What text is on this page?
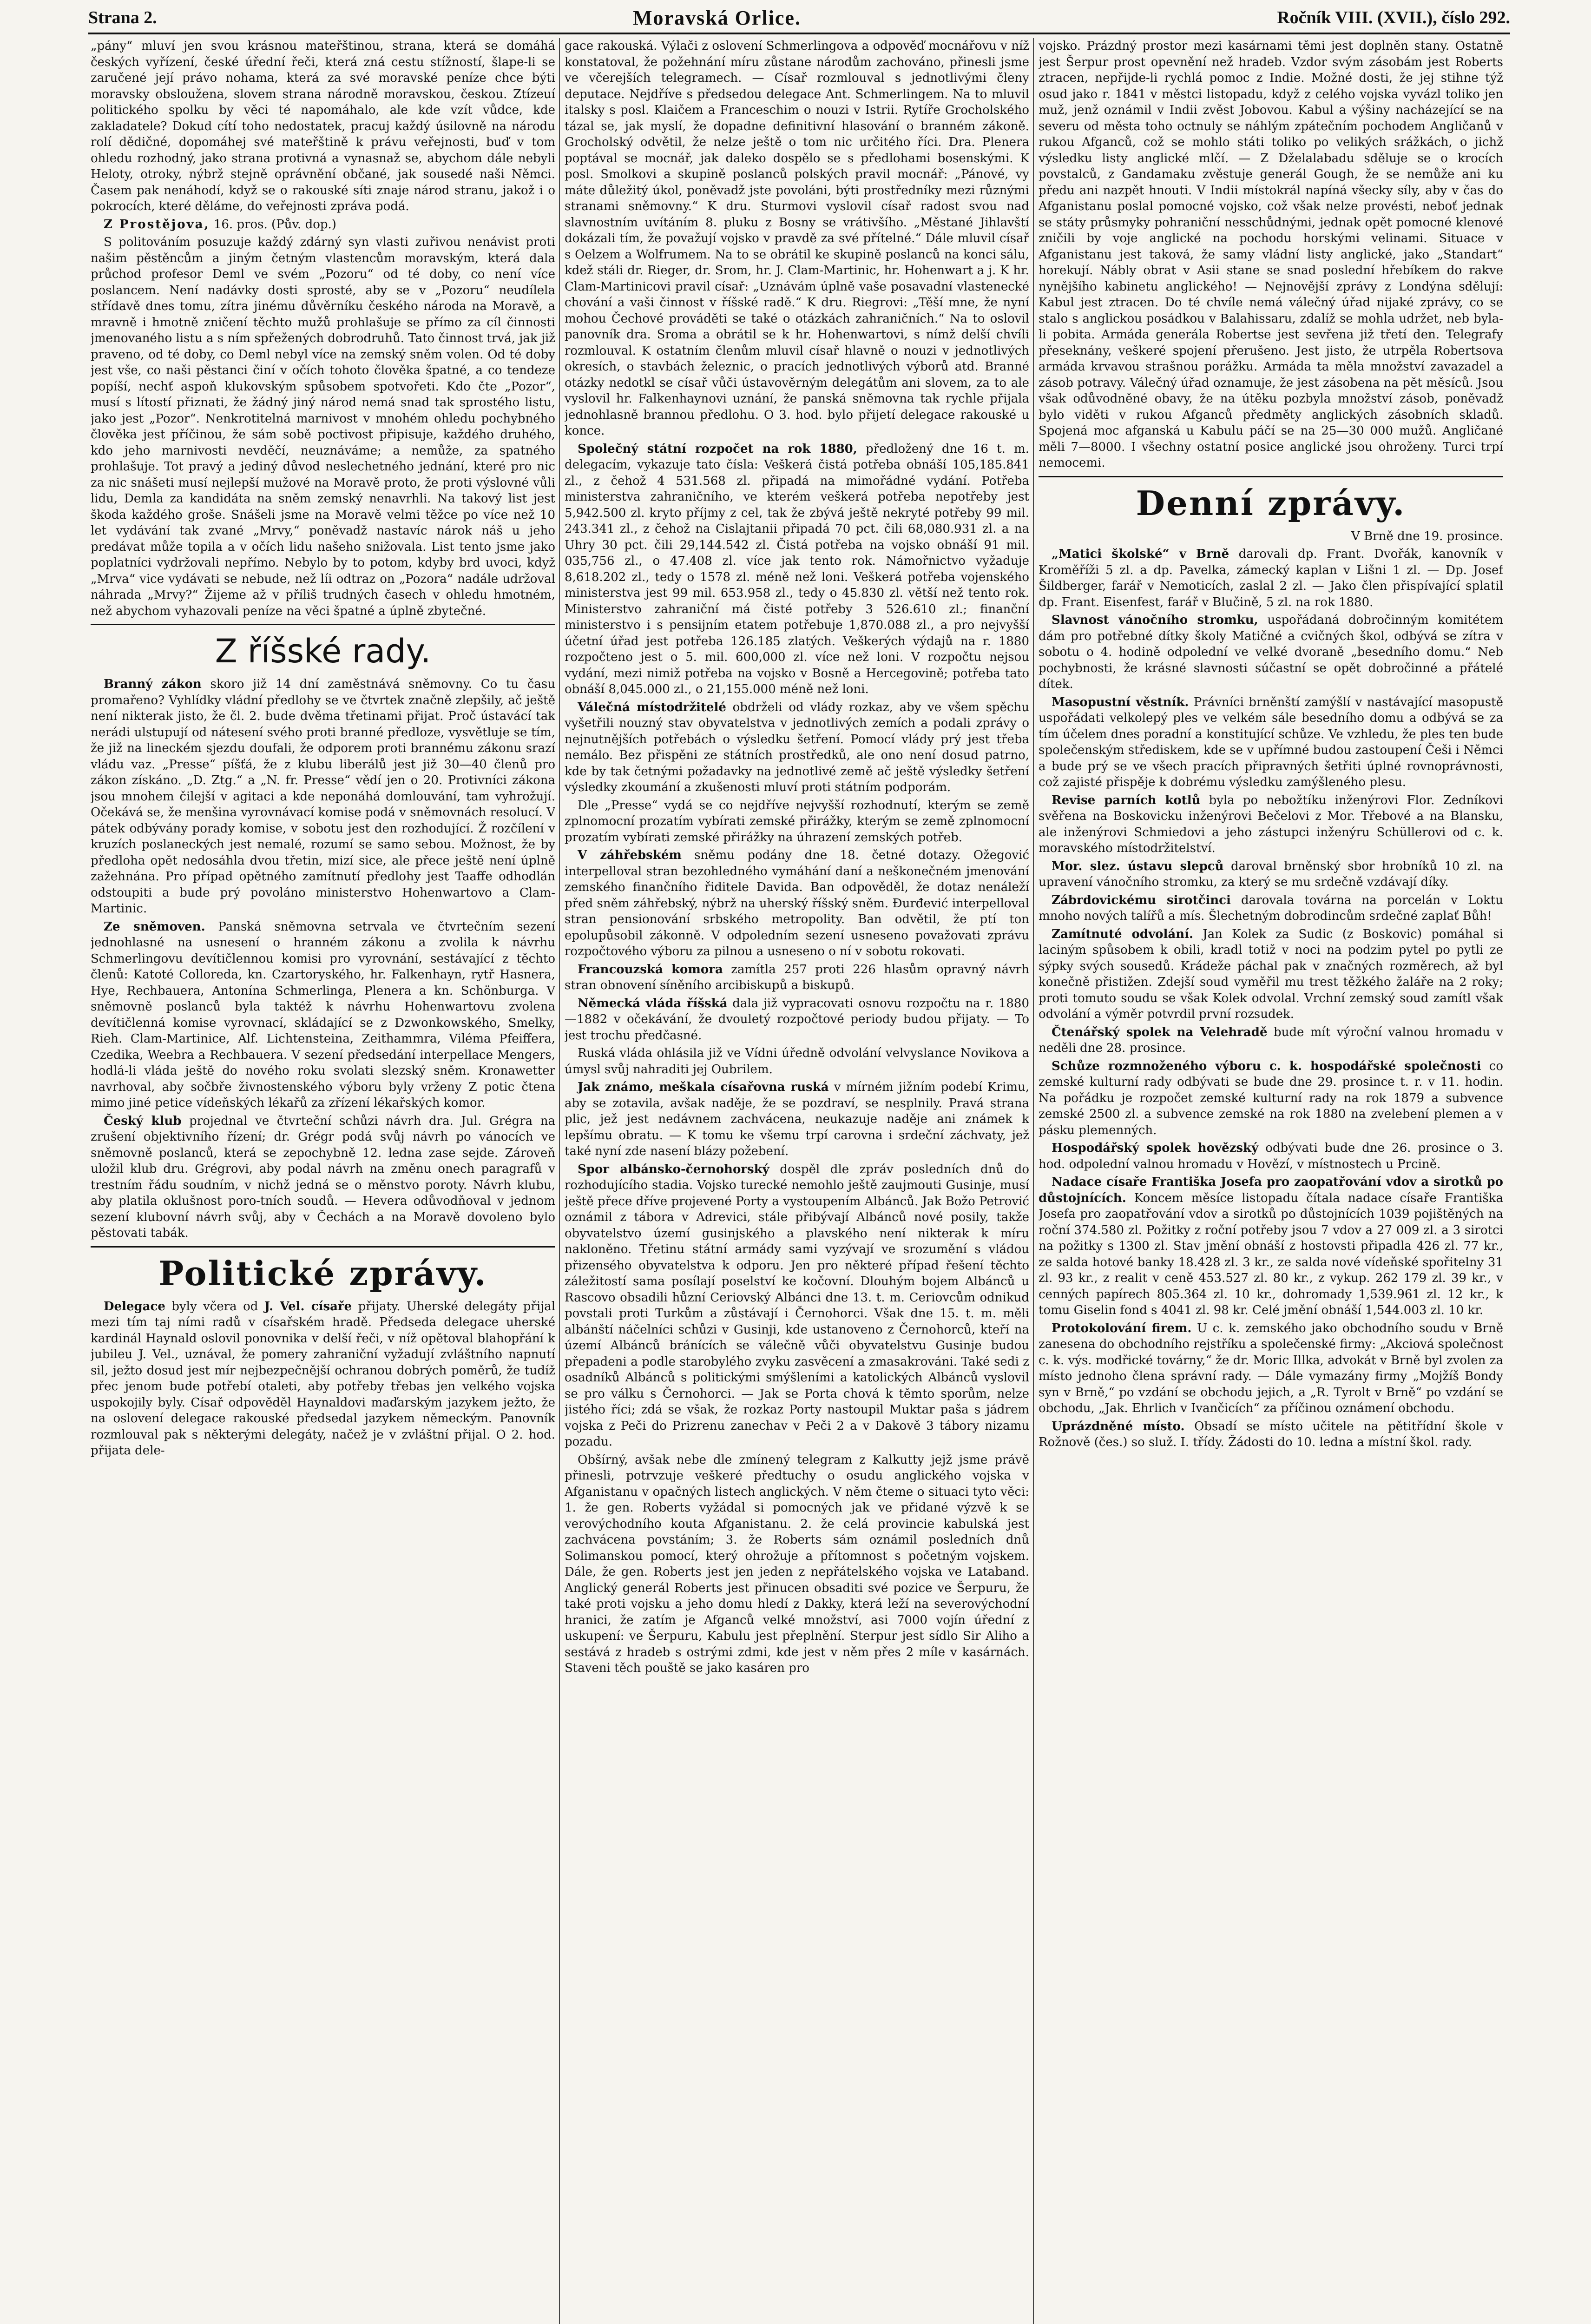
Strana 2.	Moravská Orlice.	Ročník VIII. (XVII.), číslo 292.

„pány“ mluví jen svou krásnou mateřštinou, strana, která se domáhá českých vyřízení, české úřední řeči, která zná cestu stížností, šlape-li se zaručené její právo nohama, která za své moravské peníze chce býti moravsky obsloužena, slovem strana národně moravskou, českou. Ztízeuí politického spolku by věci té napomáhalo, ale kde vzít vůdce, kde zakladatele? Dokud cítí toho nedostatek, pracuj každý úsilovně na národu rolí dědičné, dopomáhej své mateřštině k právu veřejnosti, buď v tom ohledu rozhodný, jako strana protivná a vynasnaž se, abychom dále nebyli Heloty, otroky, nýbrž stejně oprávnění občané, jak sousedé naši Němci. Časem pak nenáhodí, když se o rakouské síti znaje národ stranu, jakož i o pokrocích, které děláme, do veřejnosti zpráva podá.

Z Prostějova, 16. pros. (Pův. dop.)

S politováním posuzuje každý zdárný syn vlasti zuřivou nenávist proti našim pěstěncům a jiným četným vlastencům moravským, která dala průchod profesor Deml ve svém „Pozoru“ od té doby, co není více poslancem. Není nadávky dosti sprosté, aby se v „Pozoru“ neudílela střídavě dnes tomu, zítra jinému důvěrníku českého národa na Moravě, a mravně i hmotně zničení těchto mužů prohlašuje se přímo za cíl činnosti jmenovaného listu a s ním spřežených dobrodruhů. Tato činnost trvá, jak již praveno, od té doby, co Deml nebyl více na zemský sněm volen. Od té doby jest vše, co naši pěstanci činí v očích tohoto člověka špatné, a co tendeze popíší, nechť aspoň klukovským spůsobem spotvořeti. Kdo čte „Pozor“, musí s lítostí přiznati, že žádný jiný národ nemá snad tak sprostého listu, jako jest „Pozor“. Nenkrotitelná marnivost v mnohém ohledu pochybného člověka jest příčinou, že sám sobě poctivost připisuje, každého druhého, kdo jeho marnivosti nevděčí, neuznáváme; a nemůže, za spatného prohlašuje. Tot pravý a jediný důvod neslechetného jednání, které pro nic za nic snášeti musí nejlepší mužové na Moravě proto, že proti výslovné vůli lidu, Demla za kandidáta na sněm zemský nenavrhli. Na takový list jest škoda každého groše. Snášeli jsme na Moravě velmi těžce po více než 10 let vydávání tak zvané „Mrvy,“ poněvadž nastavíc nárok náš u jeho predávat může topila a v očích lidu našeho snižovala. List tento jsme jako poplatníci vydržovali nepřímo. Nebylo by to potom, kdyby brd uvoci, když „Mrva“ vice vydávati se nebude, než líi odtraz on „Pozora“ nadále udržoval náhrada „Mrvy?“ Žijeme až v příliš trudných časech v ohledu hmotném, než abychom vyhazovali peníze na věci špatné a úplně zbytečné.

Z říšské rady.

Branný zákon skoro již 14 dní zaměstnává sněmovny. Co tu času promařeno? Vyhlídky vládní předlohy se ve čtvrtek značně zlepšily, ač ještě není nikterak jisto, že čl. 2. bude dvěma třetinami přijat. Proč ústavácí tak nerádi ulstupují od nátesení svého proti branné předloze, vysvětluje se tím, že již na lineckém sjezdu doufali, že odporem proti brannému zákonu srazí vládu vaz. „Presse“ píšťá, že z klubu liberálů jest již 30—40 členů pro zákon získáno. „D. Ztg.“ a „N. fr. Presse“ vědí jen o 20. Protivníci zákona jsou mnohem čilejší v agitaci a kde neponáhá domlouvání, tam vyhrožují. Očekává se, že menšina vyrovnávací komise podá v sněmovnách resolucí. V pátek odbývány porady komise, v sobotu jest den rozhodující. Ž rozčílení v kruzích poslaneckých jest nemalé, rozumí se samo sebou. Možnost, že by předloha opět nedosáhla dvou třetin, mizí sice, ale přece ještě není úplně zažehnána. Pro případ opětného zamítnutí předlohy jest Taaffe odhodlán odstoupiti a bude prý povoláno ministerstvo Hohenwartovo a Clam-Martinic.

Ze sněmoven. Panská sněmovna setrvala ve čtvrtečním sezení jednohlasné na usnesení o hranném zákonu a zvolila k návrhu Schmerlingovu devítičlennou komisi pro vyrovnání, sestávající z těchto členů: Katoté Colloreda, kn. Czartoryského, hr. Falkenhayn, rytř Hasnera, Hye, Rechbauera, Antonína Schmerlinga, Plenera a kn. Schönburga. V sněmovně poslanců byla taktéž k návrhu Hohenwartovu zvolena devítičlenná komise vyrovnací, skládající se z Dzwonkowského, Smelky, Rieh. Clam-Martinice, Alf. Lichtensteina, Zeithammra, Viléma Pfeiffera, Czedika, Weebra a Rechbauera. V sezení předsedání interpellace Mengers, hodlá-li vláda ještě do nového roku svolati slezský sněm. Kronawetter navrhoval, aby sočbře živnostenského výboru byly vrženy Z potic čtena mimo jiné petice vídeňských lékařů za zřízení lékařských komor.

Český klub projednal ve čtvrteční schůzi návrh dra. Jul. Grégra na zrušení objektivního řízení; dr. Grégr podá svůj návrh po vánocích ve sněmovně poslanců, která se zepochybně 12. ledna zase sejde. Zároveň uložil klub dru. Grégrovi, aby podal návrh na změnu onech paragrafů v trestním řádu soudním, v nichž jedná se o měnstvo poroty. Návrh klubu, aby platila oklušnost poro-tních soudů. — Hevera odůvodňoval v jednom sezení klubovní návrh svůj, aby v Čechách a na Moravě dovoleno bylo pěstovati tabák.

Politické zprávy.

Delegace byly včera od J. Vel. císaře přijaty. Uherské delegáty přijal mezi tím taj ními radů v císařském hradě. Předseda delegace uherské kardinál Haynald oslovil ponovnika v delší řeči, v níž opětoval blahopřání k jubileu J. Vel., uznával, že pomery zahraniční vyžadují zvláštního napnutí sil, ježto dosud jest mír nejbezpečnější ochranou dobrých poměrů, že tudíž přec jenom bude potřebí otaleti, aby potřeby třebas jen velkého vojska uspokojily byly. Císař odpověděl Haynaldovi maďarským jazykem ježto, že na oslovení delegace rakouské předsedal jazykem německým. Panovník rozmlouval pak s některými delegáty, načež je v zvláštní přijal. O 2. hod. přijata dele-

gace rakouská. Výlači z oslovení Schmerlingova a odpověď mocnářovu v níž konstatoval, že požehnání míru zůstane národům zachováno, přinesli jsme ve včerejších telegramech. — Císař rozmlouval s jednotlivými členy deputace. Nejdříve s předsedou delegace Ant. Schmerlingem. Na to mluvil italsky s posl. Klaičem a Franceschim o nouzi v Istrii. Rytíře Grocholského tázal se, jak myslí, že dopadne definitivní hlasování o branném zákoně. Grocholský odvětil, že nelze ještě o tom nic určitého říci. Dra. Plenera poptával se mocnář, jak daleko dospělo se s předlohami bosenskými. K posl. Smolkovi a skupině poslanců polských pravil mocnář: „Pánové, vy máte důležitý úkol, poněvadž jste povoláni, býti prostředníky mezi různými stranami sněmovny.“ K dru. Sturmovi vyslovil císař radost svou nad slavnostním uvítáním 8. pluku z Bosny se vrátivšího. „Městané Jihlavští dokázali tím, že považují vojsko v pravdě za své přítelné.“ Dále mluvil císař s Oelzem a Wolfrumem. Na to se obrátil ke skupině poslanců na konci sálu, kdež stáli dr. Rieger, dr. Srom, hr. J. Clam-Martinic, hr. Hohenwart a j. K hr. Clam-Martinicovi pravil císař: „Uznávám úplně vaše posavadní vlastenecké chování a vaši činnost v říšské radě.“ K dru. Riegrovi: „Těší mne, že nyní mohou Čechové prováděti se také o otázkách zahraničních.“ Na to oslovil panovník dra. Sroma a obrátil se k hr. Hohenwartovi, s nímž delší chvíli rozmlouval. K ostatním členům mluvil císař hlavně o nouzi v jednotlivých okresích, o stavbách železnic, o pracích jednotlivých výborů atd. Branné otázky nedotkl se císař vůči ústavověrným delegátům ani slovem, za to ale vyslovil hr. Falkenhaynovi uznání, že panská sněmovna tak rychle přijala jednohlasně brannou předlohu. O 3. hod. bylo přijetí delegace rakouské u konce.

Společný státní rozpočet na rok 1880, předložený dne 16 t. m. delegacím, vykazuje tato čísla: Veškerá čistá potřeba obnáší 105,185.841 zl., z čehož 4 531.568 zl. připadá na mimořádné vydání. Potřeba ministerstva zahraničního, ve kterém veškerá potřeba nepotřeby jest 5,942.500 zl. kryto příjmy z cel, tak že zbývá ještě nekryté potřeby 99 mil. 243.341 zl., z čehož na Cislajtanii připadá 70 pct. čili 68,080.931 zl. a na Uhry 30 pct. čili 29,144.542 zl. Čistá potřeba na vojsko obnáší 91 mil. 035,756 zl., o 47.408 zl. více jak tento rok. Námořnictvo vyžaduje 8,618.202 zl., tedy o 1578 zl. méně než loni. Veškerá potřeba vojenského ministerstva jest 99 mil. 653.958 zl., tedy o 45.830 zl. větší než tento rok. Ministerstvo zahraniční má čisté potřeby 3 526.610 zl.; finanční ministerstvo i s pensijním etatem potřebuje 1,870.088 zl., a pro nejvyšší účetní úřad jest potřeba 126.185 zlatých. Veškerých výdajů na r. 1880 rozpočteno jest o 5. mil. 600,000 zl. více než loni. V rozpočtu nejsou vydání, mezi nimiž potřeba na vojsko v Bosně a Hercegovině; potřeba tato obnáší 8,045.000 zl., o 21,155.000 méně než loni.

Válečná místodržitelé obdrželi od vlády rozkaz, aby ve všem spěchu vyšetřili nouzný stav obyvatelstva v jednotlivých zemích a podali zprávy o nejnutnějších potřebách o výsledku šetření. Pomocí vlády prý jest třeba nemálo. Bez přispěni ze státních prostředků, ale ono není dosud patrno, kde by tak četnými požadavky na jednotlivé země ač ještě výsledky šetření výsledky zkoumání a zkušenosti mluví proti státním podporám.

Dle „Presse“ vydá se co nejdříve nejvyšší rozhodnutí, kterým se země zplnomocní prozatím vybírati zemské přirážky, kterým se země zplnomocní prozatím vybírati zemské přirážky na úhrazení zemských potřeb.

V záhřebském sněmu podány dne 18. četné dotazy. Ožegović interpelloval stran bezohledného vymáhání daní a neškonečném jmenování zemského finančního řiditele Davida. Ban odpověděl, že dotaz nenáleží před sněm záhřebský, nýbrž na uherský říšský sněm. Đurđević interpelloval stran pensionování srbského metropolity. Ban odvětil, že ptí ton epolupůsobil zákonně. V odpoledním sezení usneseno považovati zprávu rozpočtového výboru za pilnou a usneseno o ní v sobotu rokovati.

Francouzská komora zamítla 257 proti 226 hlasům opravný návrh stran obnovení síněního arcibiskupů a biskupů.

Německá vláda říšská dala již vypracovati osnovu rozpočtu na r. 1880—1882 v očekávání, že dvouletý rozpočtové periody budou přijaty. — To jest trochu předčasné.

Ruská vláda ohlásila již ve Vídni úředně odvolání velvyslance Novikova a úmysl svůj nahraditi jej Oubrilem.

Jak známo, meškala císařovna ruská v mírném jižním podebí Krimu, aby se zotavila, avšak naděje, že se pozdraví, se nesplnily. Pravá strana plic, jež jest nedávnem zachvácena, neukazuje naděje ani známek k lepšímu obratu. — K tomu ke všemu trpí carovna i srdeční záchvaty, jež také nyní zde nasení blázy požebení.

Spor albánsko-černohorský dospěl dle zpráv posledních dnů do rozhodujícího stadia. Vojsko turecké nemohlo ještě zaujmouti Gusinje, musí ještě přece dříve projevené Porty a vystoupením Albánců. Jak Božo Petrović oznámil z tábora v Adrevici, stále přibývají Albánců nové posily, takže obyvatelstvo území gusinjského a plavského není nikterak k míru nakloněno. Třetinu státní armády sami vyzývají ve srozumění s vládou přizensého obyvatelstva k odporu. Jen pro některé případ řešení těchto záležitostí sama posílají poselství ke kočovní. Dlouhým bojem Albánců u Rascovo obsadili hůzní Ceriovský Albánci dne 13. t. m. Ceriovcům odnikud povstali proti Turkům a zůstávají i Černohorci. Však dne 15. t. m. měli albánští náčelníci schůzi v Gusinji, kde ustanoveno z Černohorců, kteří na území Albánců bránících se válečně vůči obyvatelstvu Gusinje budou přepadeni a podle starobylého zvyku zasvěcení a zmasakrováni. Také sedi z osadníků Albánců s politickými smýšleními a katolických Albánců vyslovil se pro válku s Černohorci. — Jak se Porta chová k těmto sporům, nelze jistého říci; zdá se však, že rozkaz Porty nastoupil Muktar paša s jádrem vojska z Peči do Prizrenu zanechav v Peči 2 a v Dakově 3 tábory nizamu pozadu.

Obšírný, avšak nebe dle zmínený telegram z Kalkutty jejž jsme právě přinesli, potrvzuje veškeré předtuchy o osudu anglického vojska v Afganistanu v opačných listech anglických. V něm čteme o situaci tyto věci: 1. že gen. Roberts vyžádal si pomocných jak ve přidané výzvě k se verovýchodního kouta Afganistanu. 2. že celá provincie kabulská jest zachvácena povstáním; 3. že Roberts sám oznámil posledních dnů Solimanskou pomocí, který ohrožuje a přítomnost s početným vojskem. Dále, že gen. Roberts jest jen jeden z nepřátelského vojska ve Lataband. Anglický generál Roberts jest přinucen obsaditi své pozice ve Šerpuru, že také proti vojsku a jeho domu hledí z Dakky, která leží na severovýchodní hranici, že zatím je Afganců velké množství, asi 7000 vojín úřední z uskupení: ve Šerpuru, Kabulu jest přeplnění. Sterpur jest sídlo Sir Aliho a sestává z hradeb s ostrými zdmi, kde jest v něm přes 2 míle v kasárnách. Staveni těch pouště se jako kasáren pro

vojsko. Prázdný prostor mezi kasárnami těmi jest doplněn stany. Ostatně jest Šerpur prost opevnění než hradeb. Vzdor svým zásobám jest Roberts ztracen, nepřijde-li rychlá pomoc z Indie. Možné dosti, že jej stihne týž osud jako r. 1841 v městci listopadu, když z celého vojska vyvázl toliko jen muž, jenž oznámil v Indii zvěst Jobovou. Kabul a výšiny nacházející se na severu od města toho octnuly se náhlým zpátečním pochodem Angličanů v rukou Afganců, což se mohlo státi toliko po velikých srážkách, o jichž výsledku listy anglické mlčí. — Z Dželalabadu sděluje se o krocích povstalců, z Gandamaku zvěstuje generál Gough, že se nemůže ani ku předu ani nazpět hnouti. V Indii místokrál napíná všecky síly, aby v čas do Afganistanu poslal pomocné vojsko, což však nelze provésti, neboť jednak se státy průsmyky pohraniční nesschůdnými, jednak opět pomocné klenové zničili by voje anglické na pochodu horskými velinami. Situace v Afganistanu jest taková, že samy vládní listy anglické, jako „Standart“ horekují. Nábly obrat v Asii stane se snad poslední hřebíkem do rakve nynějšího kabinetu anglického! — Nejnovější zprávy z Londýna sdělují: Kabul jest ztracen. Do té chvíle nemá válečný úřad nijaké zprávy, co se stalo s anglickou posádkou v Balahissaru, zdalíž se mohla udržet, neb byla-li pobita. Armáda generála Robertse jest sevřena již třetí den. Telegrafy přeseknány, veškeré spojení přerušeno. Jest jisto, že utrpěla Robertsova armáda krvavou strašnou porážku. Armáda ta měla množství zavazadel a zásob potravy. Válečný úřad oznamuje, že jest zásobena na pět měsíců. Jsou však odůvodněné obavy, že na útěku pozbyla množství zásob, poněvadž bylo viděti v rukou Afganců předměty anglických zásobních skladů. Spojená moc afganská u Kabulu páčí se na 25—30 000 mužů. Angličané měli 7—8000. I všechny ostatní posice anglické jsou ohroženy. Turci trpí nemocemi.

Denní zprávy.
V Brně dne 19. prosince.

„Matici školské“ v Brně darovali dp. Frant. Dvořák, kanovník v Kroměříži 5 zl. a dp. Pavelka, zámecký kaplan v Lišni 1 zl. — Dp. Josef Šildberger, farář v Nemoticích, zaslal 2 zl. — Jako člen přispívající splatil dp. Frant. Eisenfest, farář v Blučině, 5 zl. na rok 1880.

Slavnost vánočního stromku, uspořádaná dobročinným komitétem dám pro potřebné dítky školy Matičné a cvičných škol, odbývá se zítra v sobotu o 4. hodině odpolední ve velké dvoraně „besedního domu.“ Neb pochybnosti, že krásné slavnosti súčastní se opět dobročinné a přátelé dítek.

Masopustní věstník. Právníci brněnští zamýšlí v nastávající masopustě uspořádati velkolepý ples ve velkém sále besedního domu a odbývá se za tím účelem dnes poradní a konstitující schůze. Ve vzhledu, že ples ten bude společenským střediskem, kde se v upřímné budou zastoupení Češi i Němci a bude prý se ve všech pracích připravných šetřiti úplné rovnoprávnosti, což zajisté přispěje k dobrému výsledku zamýšleného plesu.

Revise parních kotlů byla po nebožtíku inženýrovi Flor. Zedníkovi svěřena na Boskovicku inženýrovi Bečelovi z Mor. Třebové a na Blansku, ale inženýrovi Schmiedovi a jeho zástupci inženýru Schüllerovi od c. k. moravského místodržitelství.

Mor. slez. ústavu slepců daroval brněnský sbor hrobníků 10 zl. na upravení vánočního stromku, za který se mu srdečně vzdávají díky.

Zábrdovickému sirotčinci darovala továrna na porcelán v Loktu mnoho nových talířů a mís. Šlechetným dobrodincům srdečné zaplať Bůh!

Zamítnuté odvolání. Jan Kolek za Sudic (z Boskovic) pomáhal si laciným spůsobem k obili, kradl totiž v noci na podzim pytel po pytli ze sýpky svých sousedů. Krádeže páchal pak v značných rozměrech, až byl konečně přistižen. Zdejší soud vyměřil mu trest těžkého žaláře na 2 roky; proti tomuto soudu se však Kolek odvolal. Vrchní zemský soud zamítl však odvolání a výměr potvrdil první rozsudek.

Čtenářský spolek na Velehradě bude mít výroční valnou hromadu v neděli dne 28. prosince.

Schůze rozmnoženého výboru c. k. hospodářské společnosti co zemské kulturní rady odbývati se bude dne 29. prosince t. r. v 11. hodin. Na pořádku je rozpočet zemské kulturní rady na rok 1879 a subvence zemské 2500 zl. a subvence zemské na rok 1880 na zvelebení plemen a v pásku plemenných.

Hospodářský spolek hovězský odbývati bude dne 26. prosince o 3. hod. odpolední valnou hromadu v Hovězí, v místnostech u Prcině.

Nadace císaře Františka Josefa pro zaopatřování vdov a sirotků po důstojnících. Koncem měsíce listopadu čítala nadace císaře Františka Josefa pro zaopatřování vdov a sirotků po důstojnících 1039 pojištěných na roční 374.580 zl. Požitky z roční potřeby jsou 7 vdov a 27 009 zl. a 3 sirotci na požitky s 1300 zl. Stav jmění obnáší z hostovsti připadla 426 zl. 77 kr., ze salda hotové banky 18.428 zl. 3 kr., ze salda nové vídeňské spořitelny 31 zl. 93 kr., z realit v ceně 453.527 zl. 80 kr., z vykup. 262 179 zl. 39 kr., v cenných papírech 805.364 zl. 10 kr., dohromady 1,539.961 zl. 12 kr., k tomu Giselin fond s 4041 zl. 98 kr. Celé jmění obnáší 1,544.003 zl. 10 kr.

Protokolování firem. U c. k. zemského jako obchodního soudu v Brně zanesena do obchodního rejstříku a společenské firmy: „Akciová společnost c. k. výs. modřické továrny,“ že dr. Moric Illka, advokát v Brně byl zvolen za místo jednoho člena správní rady. — Dále vymazány firmy „Mojžíš Bondy syn v Brně,“ po vzdání se obchodu jejich, a „R. Tyrolt v Brně“ po vzdání se obchodu, „Jak. Ehrlich v Ivančicích“ za příčinou oznámení obchodu.

Uprázdněné místo. Obsadí se místo učitele na pětitřídní škole v Rožnově (čes.) so služ. I. třídy. Žádosti do 10. ledna a místní škol. rady.
